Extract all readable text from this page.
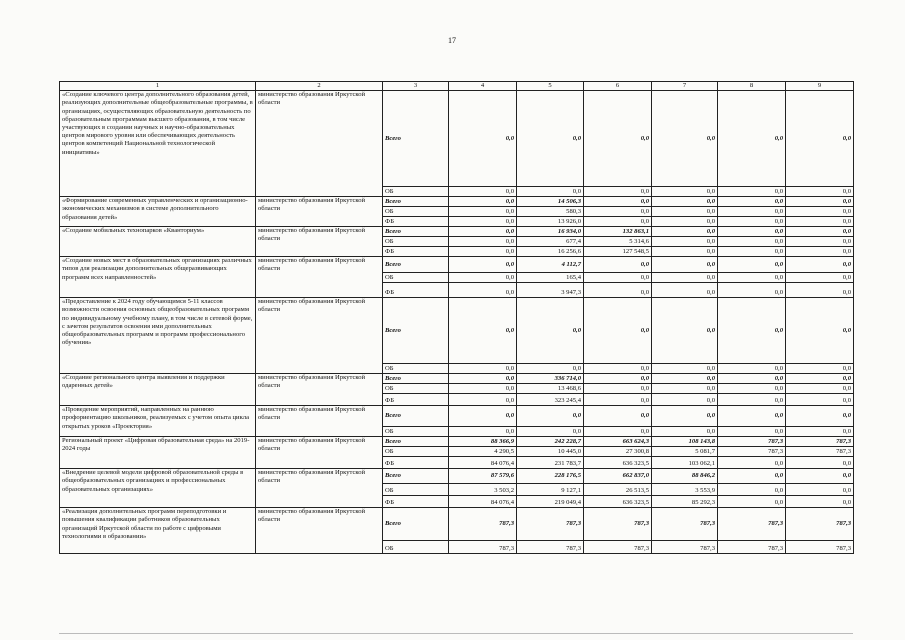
17
1	2	3	4	5	6	7	8	9
«Создание ключевого центра дополнительного образования детей, реализующих дополнительные общеобразовательные программы, в организациях, осуществляющих образовательную деятельность по образовательным программам высшего образования, в том числе участвующих в создании научных и научно-образовательных центров мирового уровня или обеспечивающих деятельность центров компетенций Национальной технологической инициативы»	министерство образования Иркутской области	Всего	0,0	0,0	0,0	0,0	0,0	0,0
		ОБ	0,0	0,0	0,0	0,0	0,0	0,0
«Формирование современных управленческих и организационно-экономических механизмов в системе дополнительного образования детей»	министерство образования Иркутской области	Всего	0,0	14 506,3	0,0	0,0	0,0	0,0
		ОБ	0,0	580,3	0,0	0,0	0,0	0,0
		ФБ	0,0	13 926,0	0,0	0,0	0,0	0,0
«Создание мобильных технопарков «Кванториум»	министерство образования Иркутской области	Всего	0,0	16 934,0	132 863,1	0,0	0,0	0,0
		ОБ	0,0	677,4	5 314,6	0,0	0,0	0,0
		ФБ	0,0	16 256,6	127 548,5	0,0	0,0	0,0
«Создание новых мест в образовательных организациях различных типов для реализации дополнительных общеразвивающих программ всех направленностей»	министерство образования Иркутской области	Всего	0,0	4 112,7	0,0	0,0	0,0	0,0
		ОБ	0,0	165,4	0,0	0,0	0,0	0,0
		ФБ	0,0	3 947,3	0,0	0,0	0,0	0,0
«Предоставление к 2024 году обучающимся 5-11 классов возможности освоения основных общеобразовательных программ по индивидуальному учебному плану, в том числе в сетевой форме, с зачетом результатов освоения ими дополнительных общеобразовательных программ и программ профессионального обучения»	министерство образования Иркутской области	Всего	0,0	0,0	0,0	0,0	0,0	0,0
		ОБ	0,0	0,0	0,0	0,0	0,0	0,0
«Создание регионального центра выявления и поддержки одаренных детей»	министерство образования Иркутской области	Всего	0,0	336 714,0	0,0	0,0	0,0	0,0
		ОБ	0,0	13 468,6	0,0	0,0	0,0	0,0
		ФБ	0,0	323 245,4	0,0	0,0	0,0	0,0
«Проведение мероприятий, направленных на раннюю профориентацию школьников, реализуемых с учетом опыта цикла открытых уроков «Проектория»	министерство образования Иркутской области	Всего	0,0	0,0	0,0	0,0	0,0	0,0
		ОБ	0,0	0,0	0,0	0,0	0,0	0,0
Региональный проект «Цифровая образовательная среда» на 2019-2024 годы	министерство образования Иркутской области	Всего	88 366,9	242 228,7	663 624,3	108 143,8	787,3	787,3
		ОБ	4 290,5	10 445,0	27 300,8	5 081,7	787,3	787,3
		ФБ	84 076,4	231 783,7	636 323,5	103 062,1	0,0	0,0
«Внедрение целевой модели цифровой образовательной среды в общеобразовательных организациях и профессиональных образовательных организациях»	министерство образования Иркутской области	Всего	87 579,6	228 176,5	662 837,0	88 846,2	0,0	0,0
		ОБ	3 503,2	9 127,1	26 513,5	3 553,9	0,0	0,0
		ФБ	84 076,4	219 049,4	636 323,5	85 292,3	0,0	0,0
«Реализация дополнительных программ переподготовки и повышения квалификации работников образовательных организаций Иркутской области по работе с цифровыми технологиями в образовании»	министерство образования Иркутской области	Всего	787,3	787,3	787,3	787,3	787,3	787,3
		ОБ	787,3	787,3	787,3	787,3	787,3	787,3
